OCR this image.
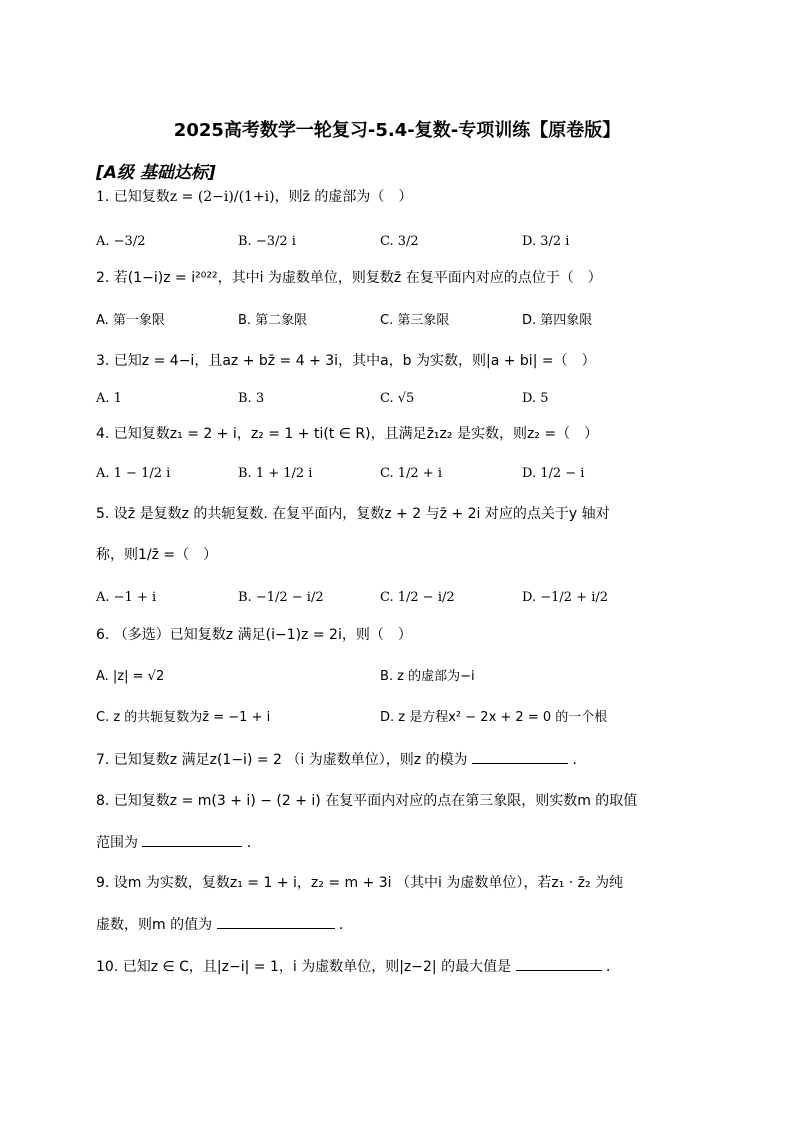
2025高考数学一轮复习-5.4-复数-专项训练【原卷版】
[A级 基础达标]
1. 已知复数z = (2−i)/(1+i)，则z̄ 的虚部为（　）
A. −3/2	B. −3/2 i	C. 3/2	D. 3/2 i
2. 若(1−i)z = i²⁰²²，其中i 为虚数单位，则复数z̄ 在复平面内对应的点位于（　）
A. 第一象限	B. 第二象限	C. 第三象限	D. 第四象限
3. 已知z = 4−i，且az + bz̄ = 4 + 3i，其中a，b 为实数，则|a + bi| =（　）
A. 1	B. 3	C. √5	D. 5
4. 已知复数z₁ = 2 + i，z₂ = 1 + ti(t ∈ R)，且满足z̄₁z₂ 是实数，则z₂ =（　）
A. 1 − 1/2 i	B. 1 + 1/2 i	C. 1/2 + i	D. 1/2 − i
5. 设z̄ 是复数z 的共轭复数. 在复平面内，复数z + 2 与z̄ + 2i 对应的点关于y 轴对
称，则1/z̄ =（　）
A. −1 + i	B. −1/2 − i/2	C. 1/2 − i/2	D. −1/2 + i/2
6. （多选）已知复数z 满足(i−1)z = 2i，则（　）
A. |z| = √2	B. z 的虚部为−i
C. z 的共轭复数为z̄ = −1 + i	D. z 是方程x² − 2x + 2 = 0 的一个根
7. 已知复数z 满足z(1−i) = 2 （i 为虚数单位），则z 的模为	．
8. 已知复数z = m(3 + i) − (2 + i) 在复平面内对应的点在第三象限，则实数m 的取值
范围为	．
9. 设m 为实数，复数z₁ = 1 + i，z₂ = m + 3i （其中i 为虚数单位），若z₁ · z̄₂ 为纯
虚数，则m 的值为	．
10. 已知z ∈ C，且|z−i| = 1，i 为虚数单位，则|z−2| 的最大值是	．
